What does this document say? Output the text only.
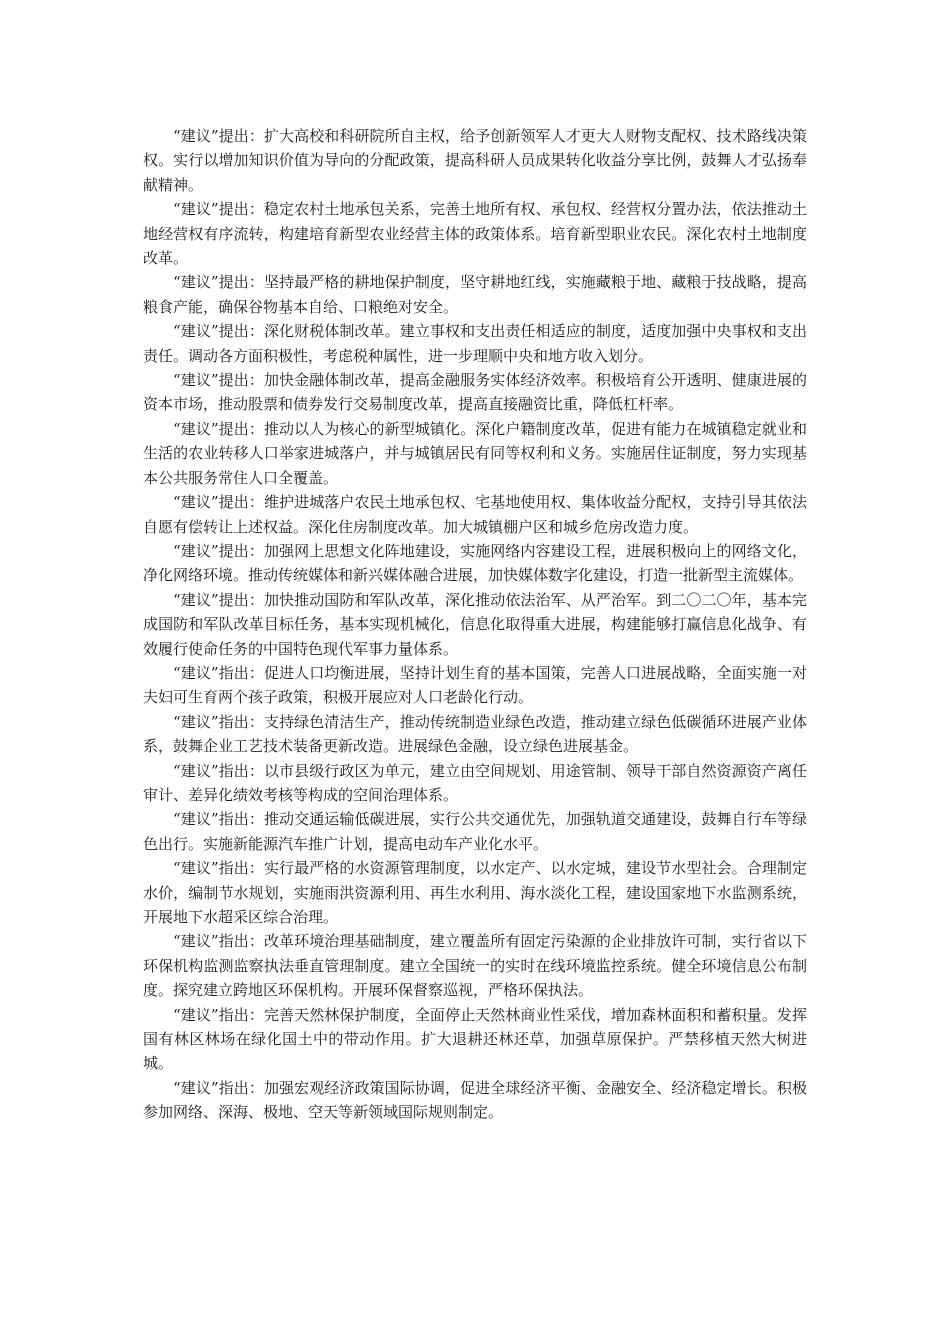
“建议”提出：扩大高校和科研院所自主权，给予创新领军人才更大人财物支配权、技术路线决策权。实行以增加知识价值为导向的分配政策，提高科研人员成果转化收益分享比例，鼓舞人才弘扬奉献精神。

“建议”提出：稳定农村土地承包关系，完善土地所有权、承包权、经营权分置办法，依法推动土地经营权有序流转，构建培育新型农业经营主体的政策体系。培育新型职业农民。深化农村土地制度改革。

“建议”提出：坚持最严格的耕地保护制度，坚守耕地红线，实施藏粮于地、藏粮于技战略，提高粮食产能，确保谷物基本自给、口粮绝对安全。

“建议”提出：深化财税体制改革。建立事权和支出责任相适应的制度，适度加强中央事权和支出责任。调动各方面积极性，考虑税种属性，进一步理顺中央和地方收入划分。

“建议”提出：加快金融体制改革，提高金融服务实体经济效率。积极培育公开透明、健康进展的资本市场，推动股票和债券发行交易制度改革，提高直接融资比重，降低杠杆率。

“建议”提出：推动以人为核心的新型城镇化。深化户籍制度改革，促进有能力在城镇稳定就业和生活的农业转移人口举家进城落户，并与城镇居民有同等权利和义务。实施居住证制度，努力实现基本公共服务常住人口全覆盖。

“建议”提出：维护进城落户农民土地承包权、宅基地使用权、集体收益分配权，支持引导其依法自愿有偿转让上述权益。深化住房制度改革。加大城镇棚户区和城乡危房改造力度。

“建议”提出：加强网上思想文化阵地建设，实施网络内容建设工程，进展积极向上的网络文化，净化网络环境。推动传统媒体和新兴媒体融合进展，加快媒体数字化建设，打造一批新型主流媒体。

“建议”提出：加快推动国防和军队改革，深化推动依法治军、从严治军。到二〇二〇年，基本完成国防和军队改革目标任务，基本实现机械化，信息化取得重大进展，构建能够打赢信息化战争、有效履行使命任务的中国特色现代军事力量体系。

“建议”指出：促进人口均衡进展，坚持计划生育的基本国策，完善人口进展战略，全面实施一对夫妇可生育两个孩子政策，积极开展应对人口老龄化行动。

“建议”指出：支持绿色清洁生产，推动传统制造业绿色改造，推动建立绿色低碳循环进展产业体系，鼓舞企业工艺技术装备更新改造。进展绿色金融，设立绿色进展基金。

“建议”指出：以市县级行政区为单元，建立由空间规划、用途管制、领导干部自然资源资产离任审计、差异化绩效考核等构成的空间治理体系。

“建议”指出：推动交通运输低碳进展，实行公共交通优先，加强轨道交通建设，鼓舞自行车等绿色出行。实施新能源汽车推广计划，提高电动车产业化水平。

“建议”指出：实行最严格的水资源管理制度，以水定产、以水定城，建设节水型社会。合理制定水价，编制节水规划，实施雨洪资源利用、再生水利用、海水淡化工程，建设国家地下水监测系统，开展地下水超采区综合治理。

“建议”指出：改革环境治理基础制度，建立覆盖所有固定污染源的企业排放许可制，实行省以下环保机构监测监察执法垂直管理制度。建立全国统一的实时在线环境监控系统。健全环境信息公布制度。探究建立跨地区环保机构。开展环保督察巡视，严格环保执法。

“建议”指出：完善天然林保护制度，全面停止天然林商业性采伐，增加森林面积和蓄积量。发挥国有林区林场在绿化国土中的带动作用。扩大退耕还林还草，加强草原保护。严禁移植天然大树进城。

“建议”指出：加强宏观经济政策国际协调，促进全球经济平衡、金融安全、经济稳定增长。积极参加网络、深海、极地、空天等新领域国际规则制定。
